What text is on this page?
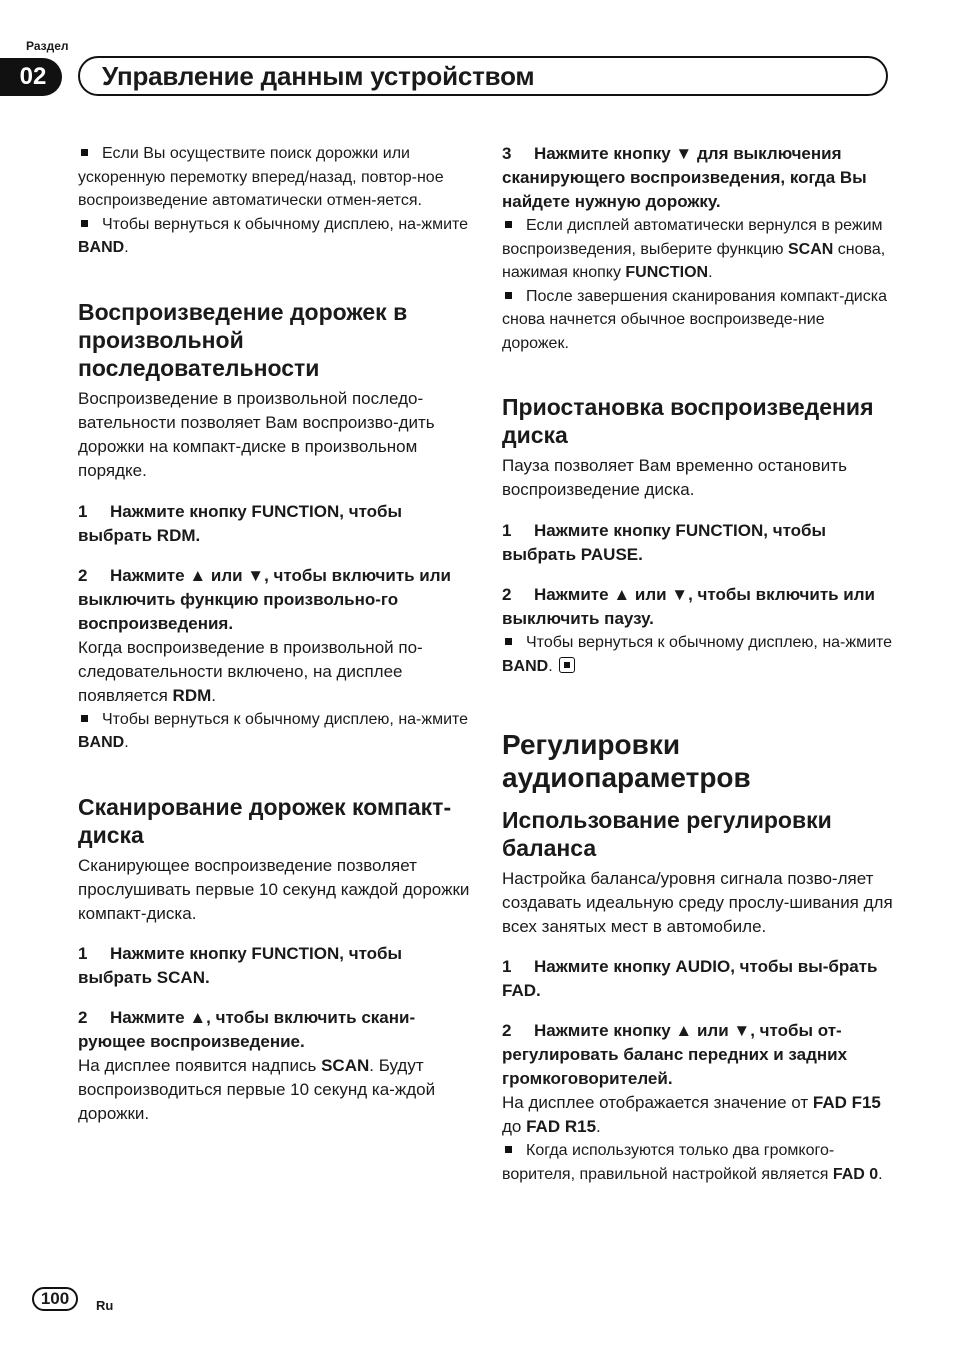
Раздел
02	Управление данным устройством

Если Вы осуществите поиск дорожки или ускоренную перемотку вперед/назад, повтор-ное воспроизведение автоматически отмен-яется.

Чтобы вернуться к обычному дисплею, на-жмите BAND.

Воспроизведение дорожек в произвольной последовательности

Воспроизведение в произвольной последо-вательности позволяет Вам воспроизво-дить дорожки на компакт-диске в произвольном порядке.

1 Нажмите кнопку FUNCTION, чтобы выбрать RDM.

2 Нажмите ▲ или ▼, чтобы включить или выключить функцию произвольно-го воспроизведения.

Когда воспроизведение в произвольной по-следовательности включено, на дисплее появляется RDM.

Чтобы вернуться к обычному дисплею, на-жмите BAND.

Сканирование дорожек компакт-диска

Сканирующее воспроизведение позволяет прослушивать первые 10 секунд каждой дорожки компакт-диска.

1 Нажмите кнопку FUNCTION, чтобы выбрать SCAN.

2 Нажмите ▲, чтобы включить скани-рующее воспроизведение.

На дисплее появится надпись SCAN. Будут воспроизводиться первые 10 секунд ка-ждой дорожки.

3 Нажмите кнопку ▼ для выключения сканирующего воспроизведения, когда Вы найдете нужную дорожку.

Если дисплей автоматически вернулся в режим воспроизведения, выберите функцию SCAN снова, нажимая кнопку FUNCTION.

После завершения сканирования компакт-диска снова начнется обычное воспроизведе-ние дорожек.

Приостановка воспроизведения диска

Пауза позволяет Вам временно остановить воспроизведение диска.

1 Нажмите кнопку FUNCTION, чтобы выбрать PAUSE.

2 Нажмите ▲ или ▼, чтобы включить или выключить паузу.

Чтобы вернуться к обычному дисплею, на-жмите BAND.

Регулировки аудиопараметров
Использование регулировки баланса

Настройка баланса/уровня сигнала позво-ляет создавать идеальную среду прослу-шивания для всех занятых мест в автомобиле.

1 Нажмите кнопку AUDIO, чтобы вы-брать FAD.

2 Нажмите кнопку ▲ или ▼, чтобы от-регулировать баланс передних и задних громкоговорителей.

На дисплее отображается значение от FAD F15 до FAD R15.

Когда используются только два громкого-ворителя, правильной настройкой является FAD 0.

100	Ru
